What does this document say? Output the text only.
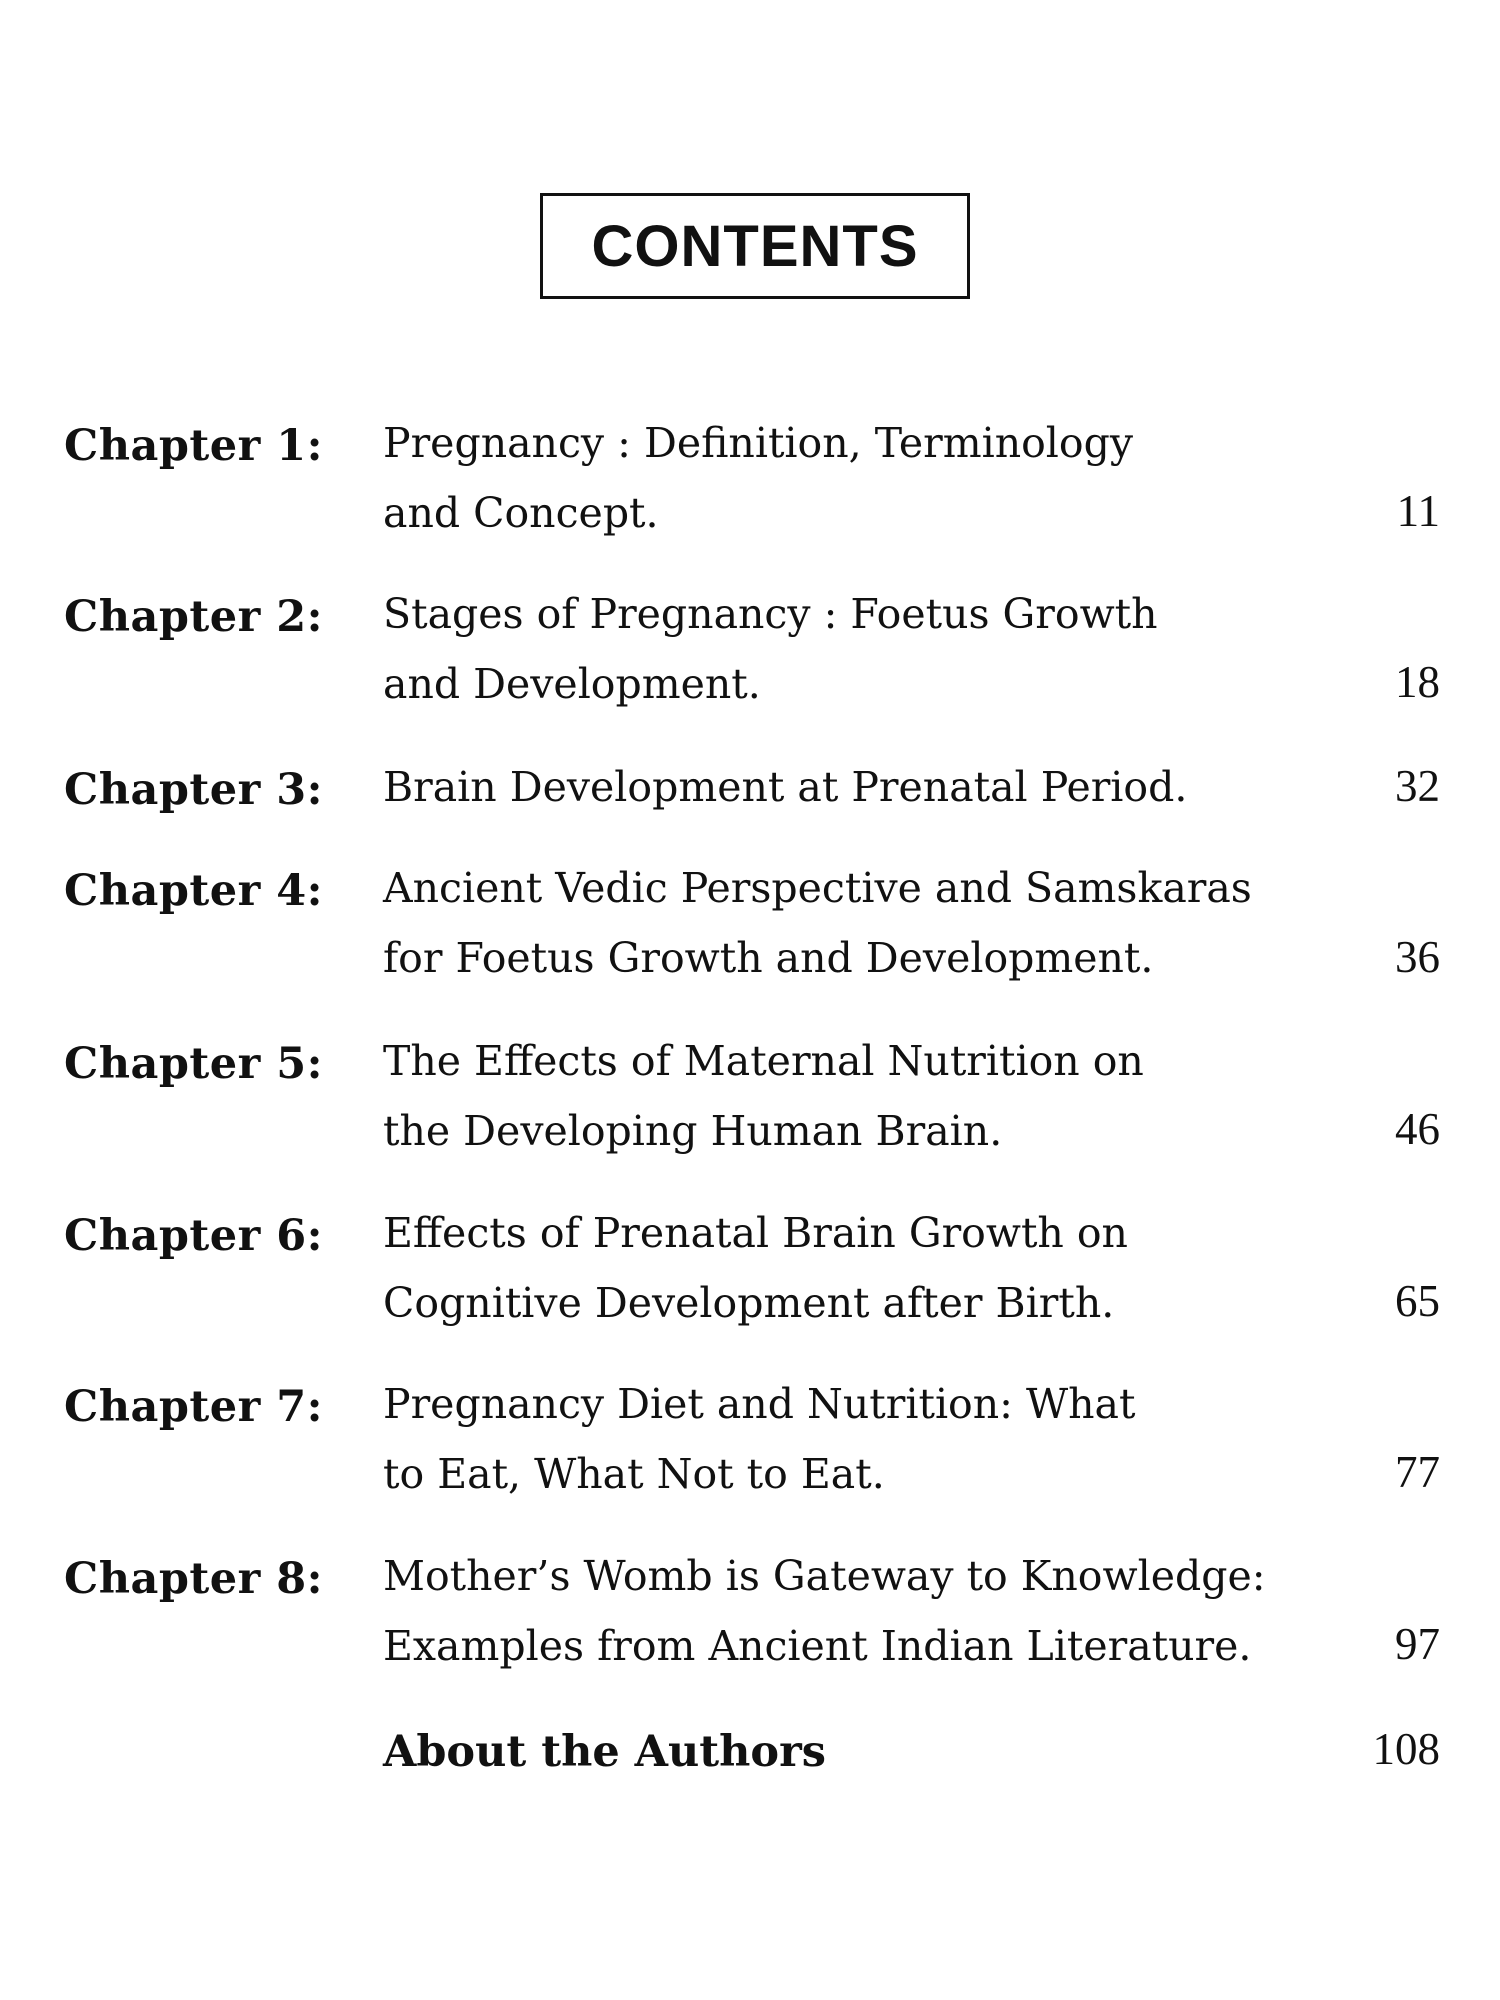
CONTENTS
Chapter 1: Pregnancy : Definition, Terminology
and Concept.	11
Chapter 2: Stages of Pregnancy : Foetus Growth
and Development.	18
Chapter 3: Brain Development at Prenatal Period.	32
Chapter 4: Ancient Vedic Perspective and Samskaras
for Foetus Growth and Development.	36
Chapter 5: The Effects of Maternal Nutrition on
the Developing Human Brain.	46
Chapter 6: Effects of Prenatal Brain Growth on
Cognitive Development after Birth.	65
Chapter 7: Pregnancy Diet and Nutrition: What
to Eat, What Not to Eat.	77
Chapter 8: Mother’s Womb is Gateway to Knowledge:
Examples from Ancient Indian Literature.	97
About the Authors	108
